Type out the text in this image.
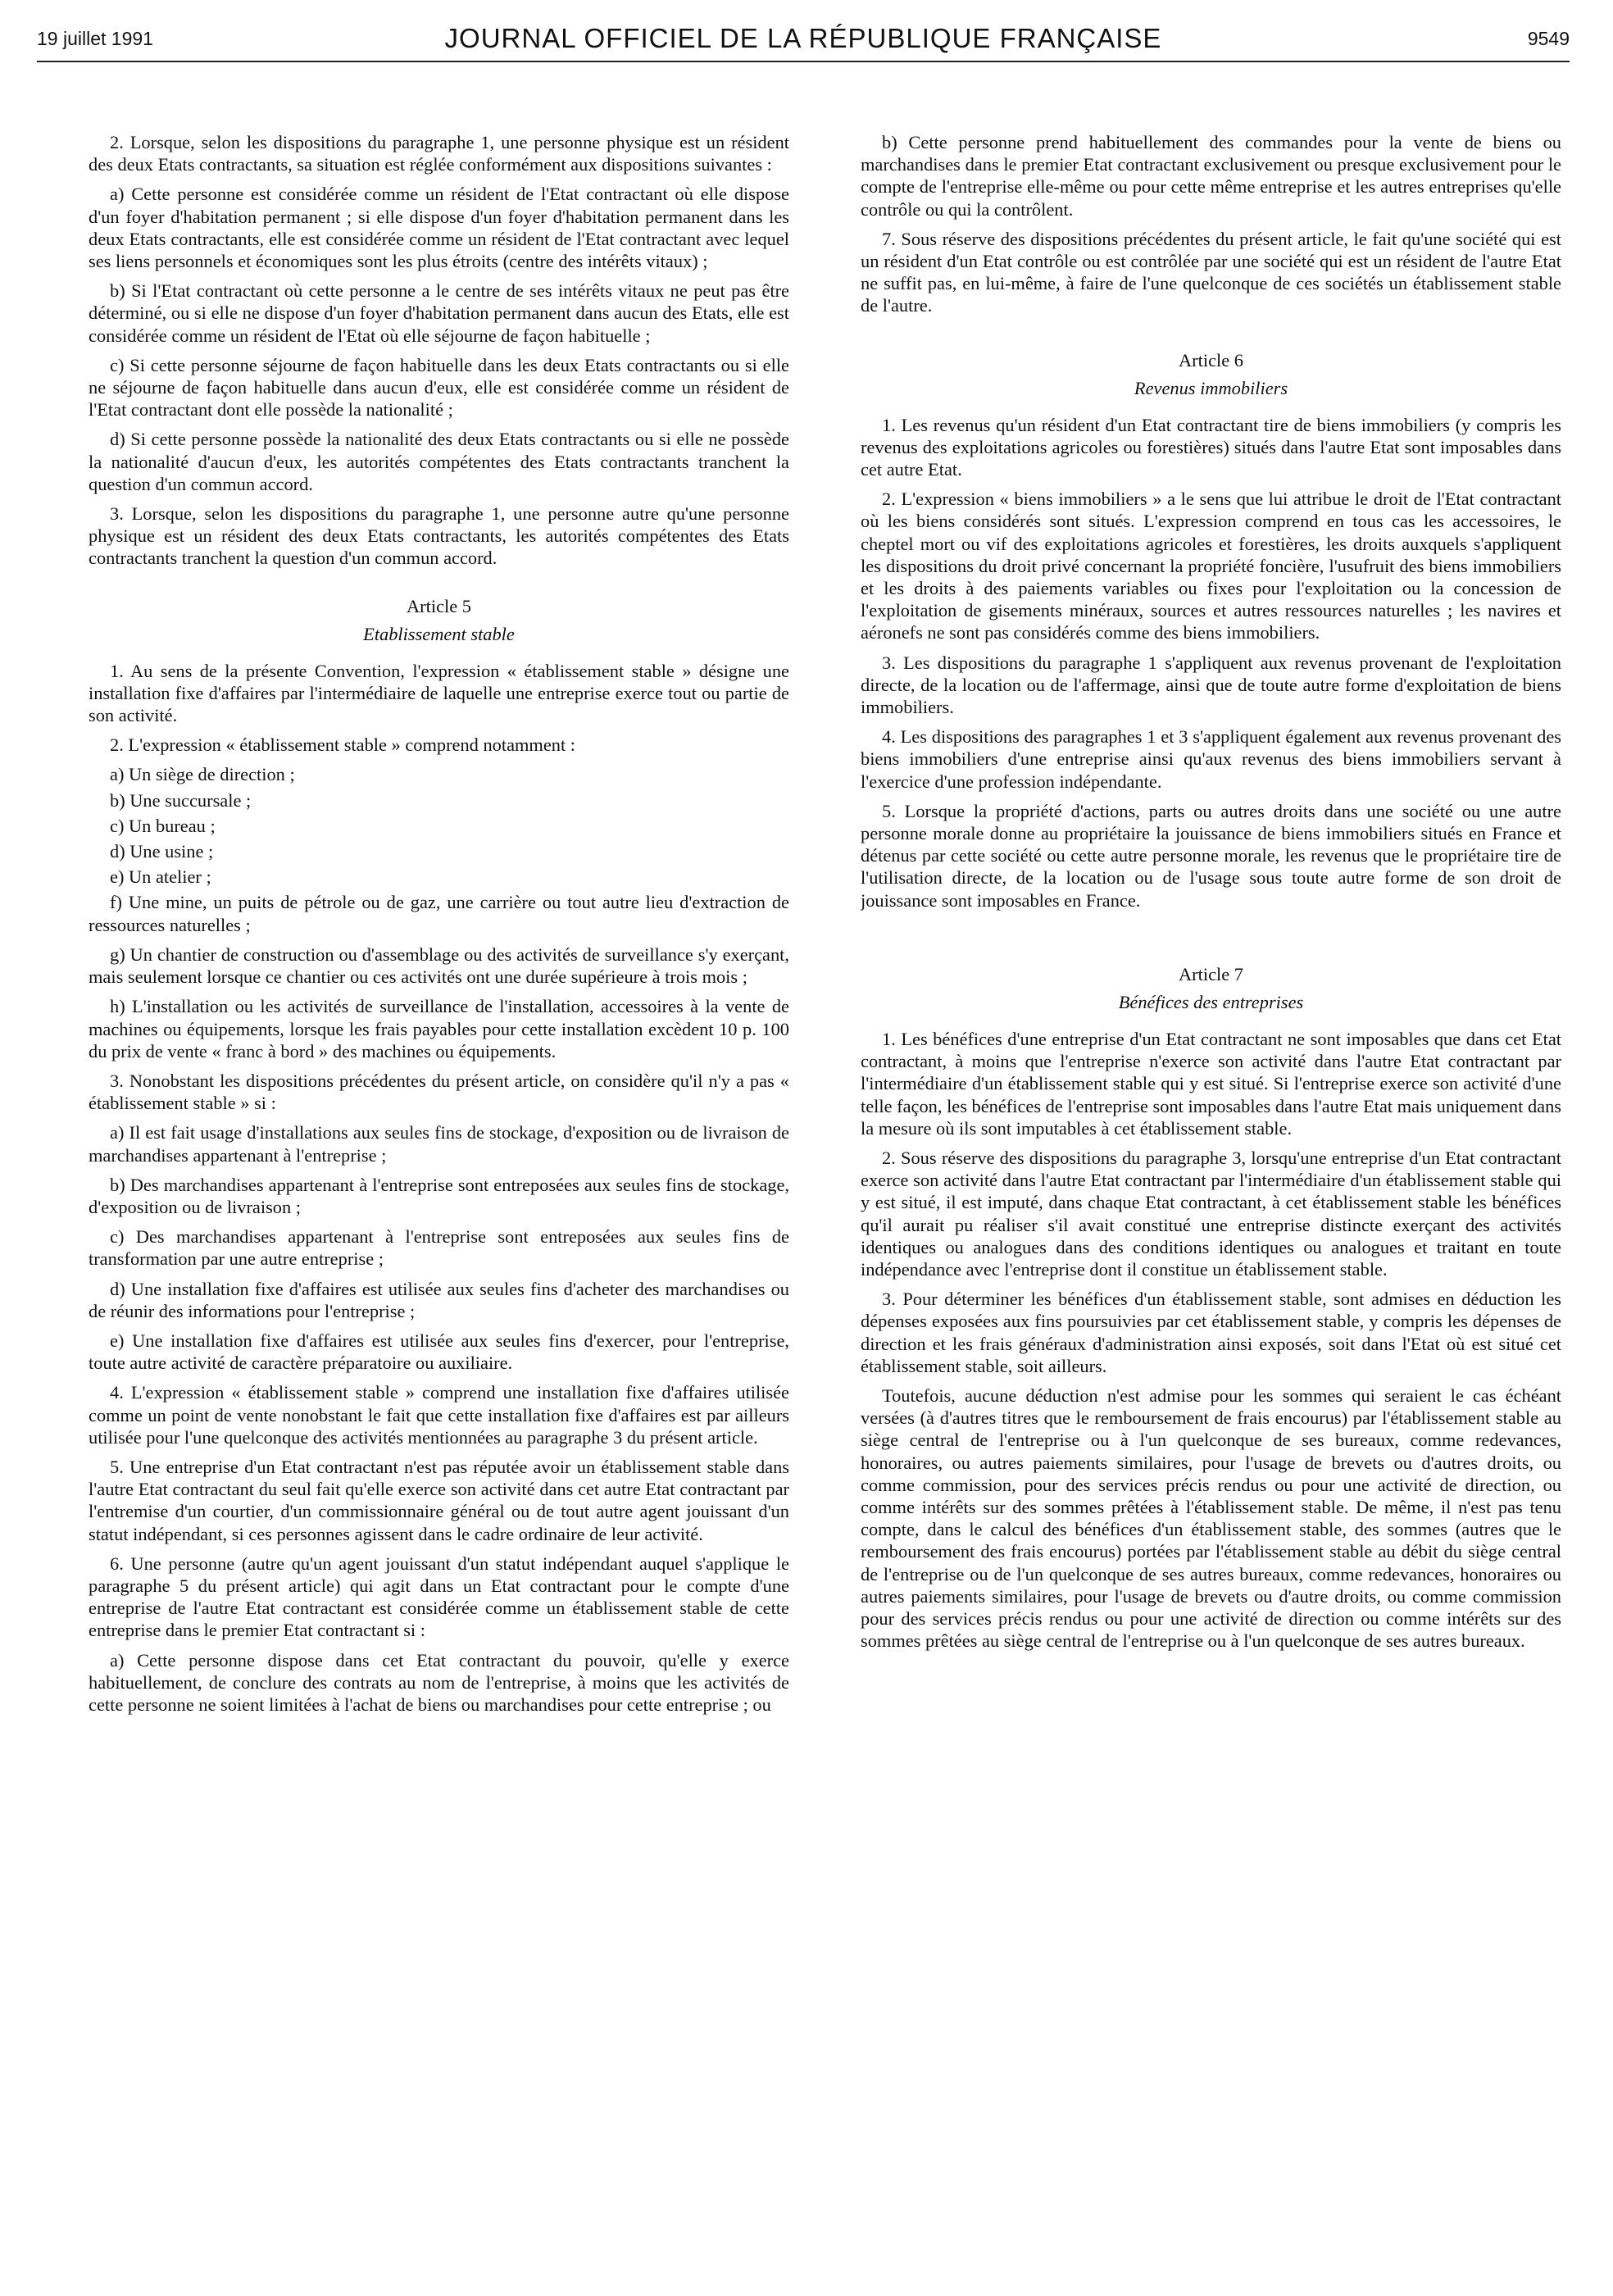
19 juillet 1991	JOURNAL OFFICIEL DE LA RÉPUBLIQUE FRANÇAISE	9549

2. Lorsque, selon les dispositions du paragraphe 1, une personne physique est un résident des deux Etats contractants, sa situation est réglée conformément aux dispositions suivantes :

a) Cette personne est considérée comme un résident de l'Etat contractant où elle dispose d'un foyer d'habitation permanent ; si elle dispose d'un foyer d'habitation permanent dans les deux Etats contractants, elle est considérée comme un résident de l'Etat contractant avec lequel ses liens personnels et économiques sont les plus étroits (centre des intérêts vitaux) ;

b) Si l'Etat contractant où cette personne a le centre de ses intérêts vitaux ne peut pas être déterminé, ou si elle ne dispose d'un foyer d'habitation permanent dans aucun des Etats, elle est considérée comme un résident de l'Etat où elle séjourne de façon habituelle ;

c) Si cette personne séjourne de façon habituelle dans les deux Etats contractants ou si elle ne séjourne de façon habituelle dans aucun d'eux, elle est considérée comme un résident de l'Etat contractant dont elle possède la nationalité ;

d) Si cette personne possède la nationalité des deux Etats contractants ou si elle ne possède la nationalité d'aucun d'eux, les autorités compétentes des Etats contractants tranchent la question d'un commun accord.

3. Lorsque, selon les dispositions du paragraphe 1, une personne autre qu'une personne physique est un résident des deux Etats contractants, les autorités compétentes des Etats contractants tranchent la question d'un commun accord.

Article 5
Etablissement stable

1. Au sens de la présente Convention, l'expression « établissement stable » désigne une installation fixe d'affaires par l'intermédiaire de laquelle une entreprise exerce tout ou partie de son activité.

2. L'expression « établissement stable » comprend notamment :

a) Un siège de direction ;

b) Une succursale ;

c) Un bureau ;

d) Une usine ;

e) Un atelier ;

f) Une mine, un puits de pétrole ou de gaz, une carrière ou tout autre lieu d'extraction de ressources naturelles ;

g) Un chantier de construction ou d'assemblage ou des activités de surveillance s'y exerçant, mais seulement lorsque ce chantier ou ces activités ont une durée supérieure à trois mois ;

h) L'installation ou les activités de surveillance de l'installation, accessoires à la vente de machines ou équipements, lorsque les frais payables pour cette installation excèdent 10 p. 100 du prix de vente « franc à bord » des machines ou équipements.

3. Nonobstant les dispositions précédentes du présent article, on considère qu'il n'y a pas « établissement stable » si :

a) Il est fait usage d'installations aux seules fins de stockage, d'exposition ou de livraison de marchandises appartenant à l'entreprise ;

b) Des marchandises appartenant à l'entreprise sont entreposées aux seules fins de stockage, d'exposition ou de livraison ;

c) Des marchandises appartenant à l'entreprise sont entreposées aux seules fins de transformation par une autre entreprise ;

d) Une installation fixe d'affaires est utilisée aux seules fins d'acheter des marchandises ou de réunir des informations pour l'entreprise ;

e) Une installation fixe d'affaires est utilisée aux seules fins d'exercer, pour l'entreprise, toute autre activité de caractère préparatoire ou auxiliaire.

4. L'expression « établissement stable » comprend une installation fixe d'affaires utilisée comme un point de vente nonobstant le fait que cette installation fixe d'affaires est par ailleurs utilisée pour l'une quelconque des activités mentionnées au paragraphe 3 du présent article.

5. Une entreprise d'un Etat contractant n'est pas réputée avoir un établissement stable dans l'autre Etat contractant du seul fait qu'elle exerce son activité dans cet autre Etat contractant par l'entremise d'un courtier, d'un commissionnaire général ou de tout autre agent jouissant d'un statut indépendant, si ces personnes agissent dans le cadre ordinaire de leur activité.

6. Une personne (autre qu'un agent jouissant d'un statut indépendant auquel s'applique le paragraphe 5 du présent article) qui agit dans un Etat contractant pour le compte d'une entreprise de l'autre Etat contractant est considérée comme un établissement stable de cette entreprise dans le premier Etat contractant si :

a) Cette personne dispose dans cet Etat contractant du pouvoir, qu'elle y exerce habituellement, de conclure des contrats au nom de l'entreprise, à moins que les activités de cette personne ne soient limitées à l'achat de biens ou marchandises pour cette entreprise ; ou

b) Cette personne prend habituellement des commandes pour la vente de biens ou marchandises dans le premier Etat contractant exclusivement ou presque exclusivement pour le compte de l'entreprise elle-même ou pour cette même entreprise et les autres entreprises qu'elle contrôle ou qui la contrôlent.

7. Sous réserve des dispositions précédentes du présent article, le fait qu'une société qui est un résident d'un Etat contrôle ou est contrôlée par une société qui est un résident de l'autre Etat ne suffit pas, en lui-même, à faire de l'une quelconque de ces sociétés un établissement stable de l'autre.

Article 6
Revenus immobiliers

1. Les revenus qu'un résident d'un Etat contractant tire de biens immobiliers (y compris les revenus des exploitations agricoles ou forestières) situés dans l'autre Etat sont imposables dans cet autre Etat.

2. L'expression « biens immobiliers » a le sens que lui attribue le droit de l'Etat contractant où les biens considérés sont situés. L'expression comprend en tous cas les accessoires, le cheptel mort ou vif des exploitations agricoles et forestières, les droits auxquels s'appliquent les dispositions du droit privé concernant la propriété foncière, l'usufruit des biens immobiliers et les droits à des paiements variables ou fixes pour l'exploitation ou la concession de l'exploitation de gisements minéraux, sources et autres ressources naturelles ; les navires et aéronefs ne sont pas considérés comme des biens immobiliers.

3. Les dispositions du paragraphe 1 s'appliquent aux revenus provenant de l'exploitation directe, de la location ou de l'affermage, ainsi que de toute autre forme d'exploitation de biens immobiliers.

4. Les dispositions des paragraphes 1 et 3 s'appliquent également aux revenus provenant des biens immobiliers d'une entreprise ainsi qu'aux revenus des biens immobiliers servant à l'exercice d'une profession indépendante.

5. Lorsque la propriété d'actions, parts ou autres droits dans une société ou une autre personne morale donne au propriétaire la jouissance de biens immobiliers situés en France et détenus par cette société ou cette autre personne morale, les revenus que le propriétaire tire de l'utilisation directe, de la location ou de l'usage sous toute autre forme de son droit de jouissance sont imposables en France.

Article 7
Bénéfices des entreprises

1. Les bénéfices d'une entreprise d'un Etat contractant ne sont imposables que dans cet Etat contractant, à moins que l'entreprise n'exerce son activité dans l'autre Etat contractant par l'intermédiaire d'un établissement stable qui y est situé. Si l'entreprise exerce son activité d'une telle façon, les bénéfices de l'entreprise sont imposables dans l'autre Etat mais uniquement dans la mesure où ils sont imputables à cet établissement stable.

2. Sous réserve des dispositions du paragraphe 3, lorsqu'une entreprise d'un Etat contractant exerce son activité dans l'autre Etat contractant par l'intermédiaire d'un établissement stable qui y est situé, il est imputé, dans chaque Etat contractant, à cet établissement stable les bénéfices qu'il aurait pu réaliser s'il avait constitué une entreprise distincte exerçant des activités identiques ou analogues dans des conditions identiques ou analogues et traitant en toute indépendance avec l'entreprise dont il constitue un établissement stable.

3. Pour déterminer les bénéfices d'un établissement stable, sont admises en déduction les dépenses exposées aux fins poursuivies par cet établissement stable, y compris les dépenses de direction et les frais généraux d'administration ainsi exposés, soit dans l'Etat où est situé cet établissement stable, soit ailleurs.

Toutefois, aucune déduction n'est admise pour les sommes qui seraient le cas échéant versées (à d'autres titres que le remboursement de frais encourus) par l'établissement stable au siège central de l'entreprise ou à l'un quelconque de ses bureaux, comme redevances, honoraires, ou autres paiements similaires, pour l'usage de brevets ou d'autres droits, ou comme commission, pour des services précis rendus ou pour une activité de direction, ou comme intérêts sur des sommes prêtées à l'établissement stable. De même, il n'est pas tenu compte, dans le calcul des bénéfices d'un établissement stable, des sommes (autres que le remboursement des frais encourus) portées par l'établissement stable au débit du siège central de l'entreprise ou de l'un quelconque de ses autres bureaux, comme redevances, honoraires ou autres paiements similaires, pour l'usage de brevets ou d'autre droits, ou comme commission pour des services précis rendus ou pour une activité de direction ou comme intérêts sur des sommes prêtées au siège central de l'entreprise ou à l'un quelconque de ses autres bureaux.
